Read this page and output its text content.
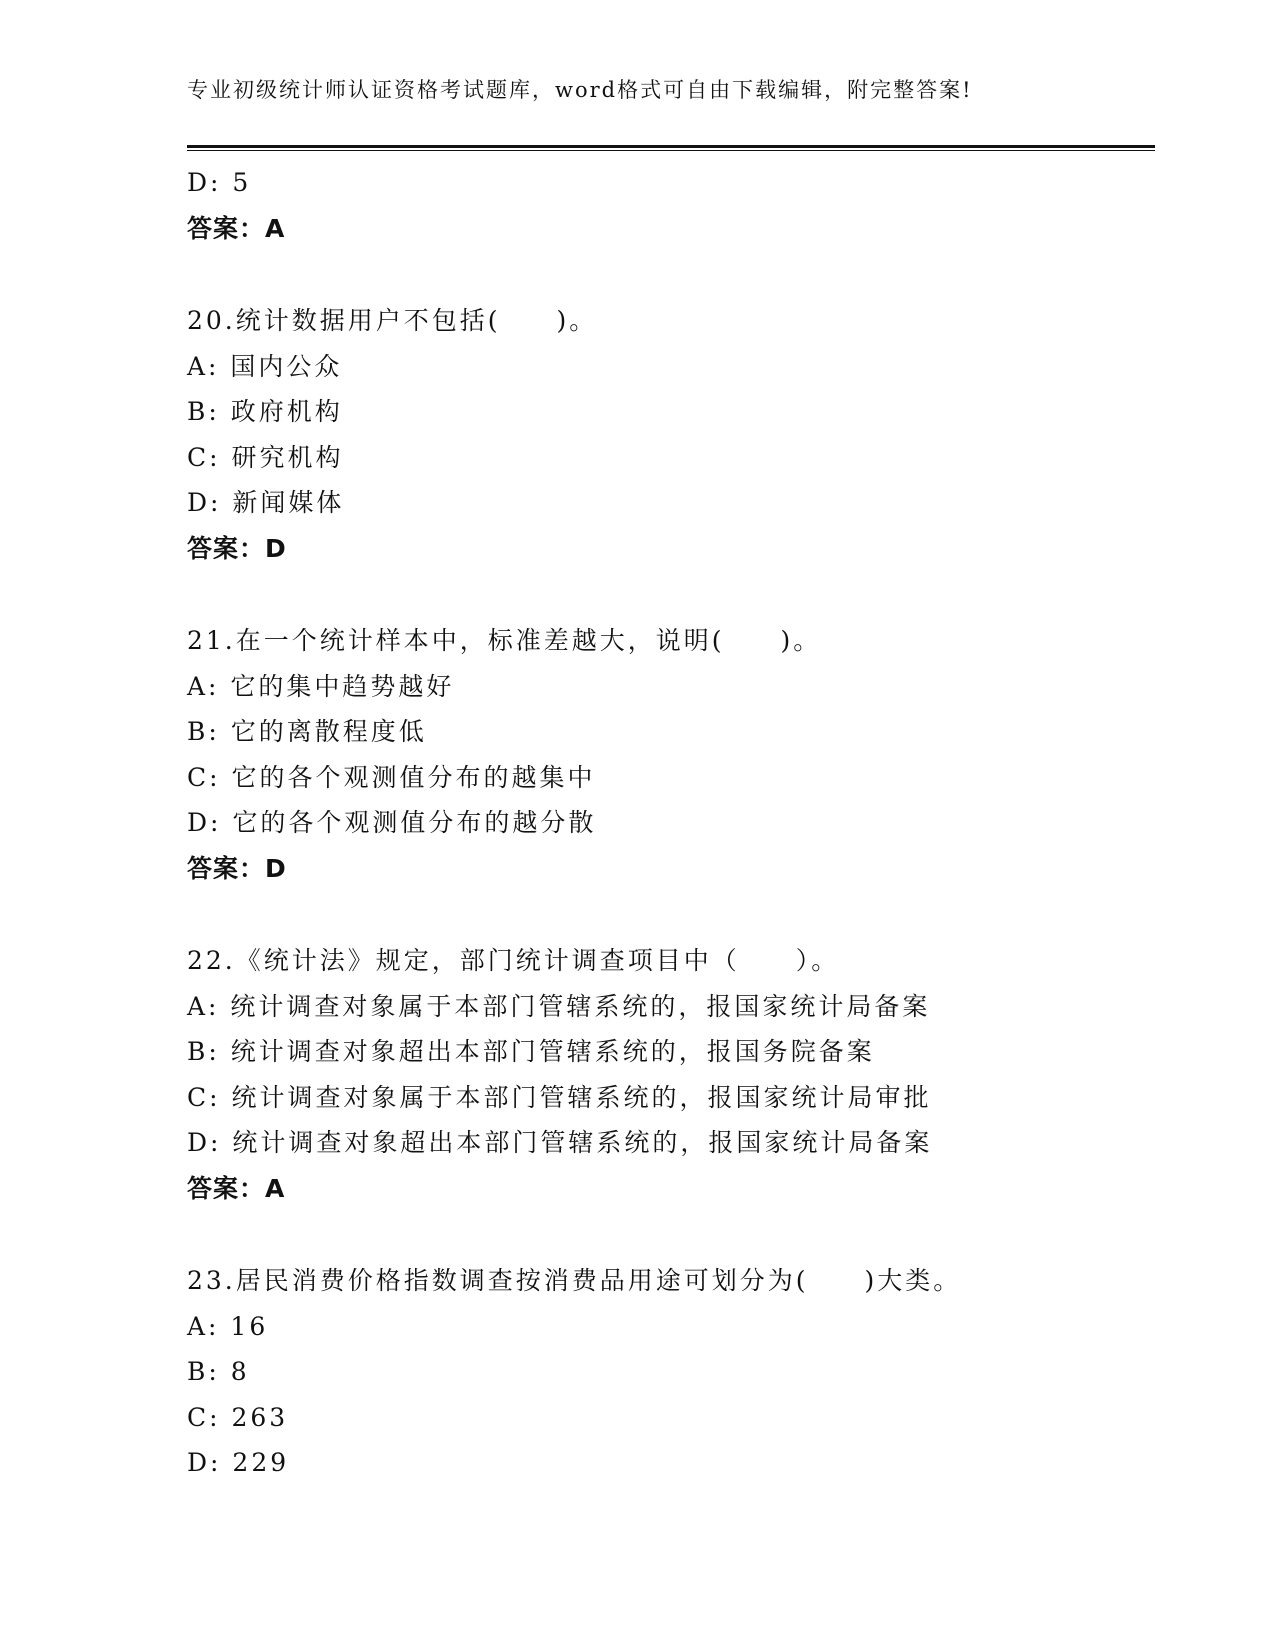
专业初级统计师认证资格考试题库，word格式可自由下载编辑，附完整答案!
D: 5
答案：A
20.统计数据用户不包括(　　)。
A: 国内公众
B: 政府机构
C: 研究机构
D: 新闻媒体
答案：D
21.在一个统计样本中，标准差越大，说明(　　)。
A: 它的集中趋势越好
B: 它的离散程度低
C: 它的各个观测值分布的越集中
D: 它的各个观测值分布的越分散
答案：D
22.《统计法》规定，部门统计调查项目中（　　）。
A: 统计调查对象属于本部门管辖系统的，报国家统计局备案
B: 统计调查对象超出本部门管辖系统的，报国务院备案
C: 统计调查对象属于本部门管辖系统的，报国家统计局审批
D: 统计调查对象超出本部门管辖系统的，报国家统计局备案
答案：A
23.居民消费价格指数调查按消费品用途可划分为(　　)大类。
A: 16
B: 8
C: 263
D: 229
